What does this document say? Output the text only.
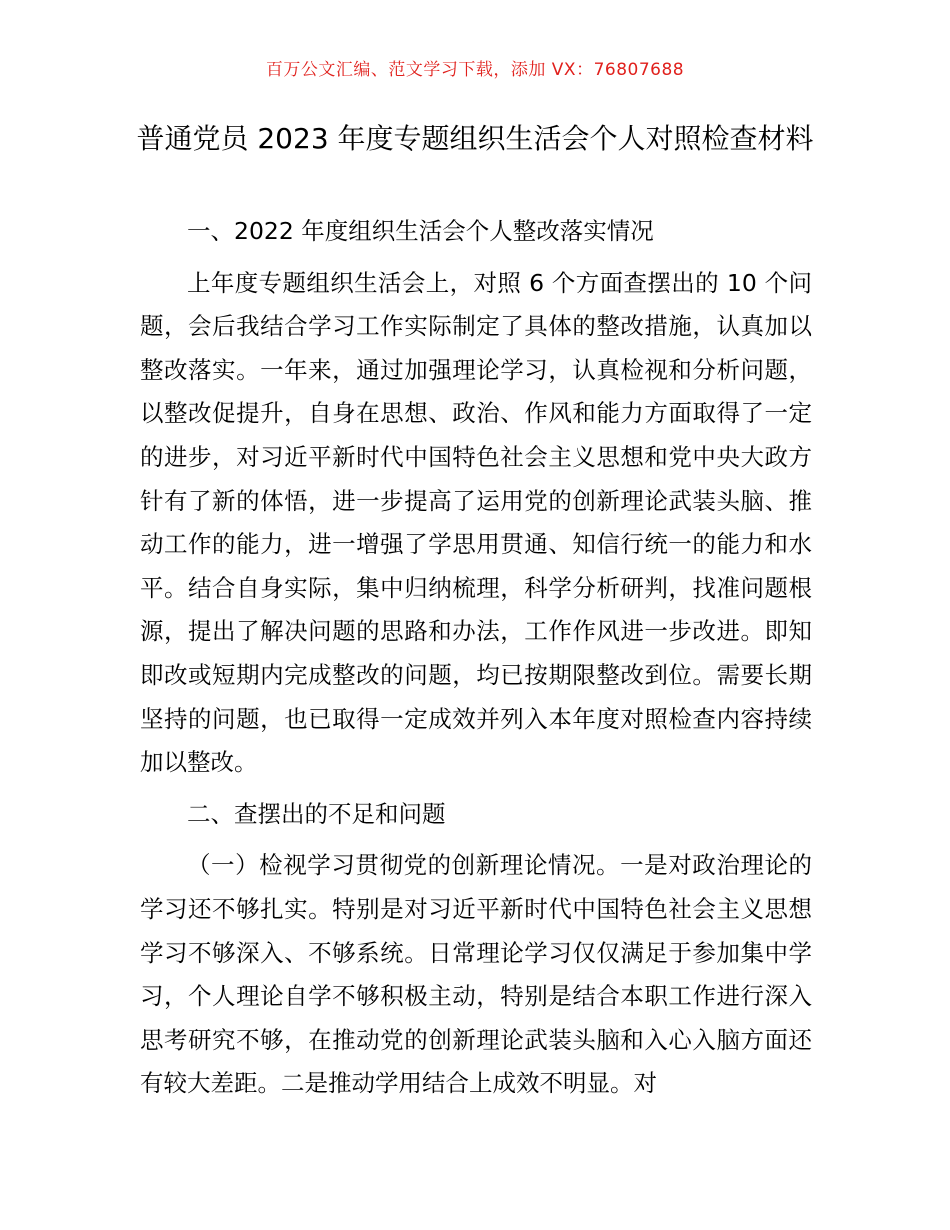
百万公文汇编、范文学习下载，添加 VX：76807688
普通党员 2023 年度专题组织生活会个人对照检查材料

一、2022 年度组织生活会个人整改落实情况

上年度专题组织生活会上，对照 6 个方面查摆出的 10 个问题，会后我结合学习工作实际制定了具体的整改措施，认真加以整改落实。一年来，通过加强理论学习，认真检视和分析问题，以整改促提升，自身在思想、政治、作风和能力方面取得了一定的进步，对习近平新时代中国特色社会主义思想和党中央大政方针有了新的体悟，进一步提高了运用党的创新理论武装头脑、推动工作的能力，进一增强了学思用贯通、知信行统一的能力和水平。结合自身实际，集中归纳梳理，科学分析研判，找准问题根源，提出了解决问题的思路和办法，工作作风进一步改进。即知即改或短期内完成整改的问题，均已按期限整改到位。需要长期坚持的问题，也已取得一定成效并列入本年度对照检查内容持续加以整改。

二、查摆出的不足和问题

（一）检视学习贯彻党的创新理论情况。一是对政治理论的学习还不够扎实。特别是对习近平新时代中国特色社会主义思想学习不够深入、不够系统。日常理论学习仅仅满足于参加集中学习，个人理论自学不够积极主动，特别是结合本职工作进行深入思考研究不够，在推动党的创新理论武装头脑和入心入脑方面还有较大差距。二是推动学用结合上成效不明显。对
